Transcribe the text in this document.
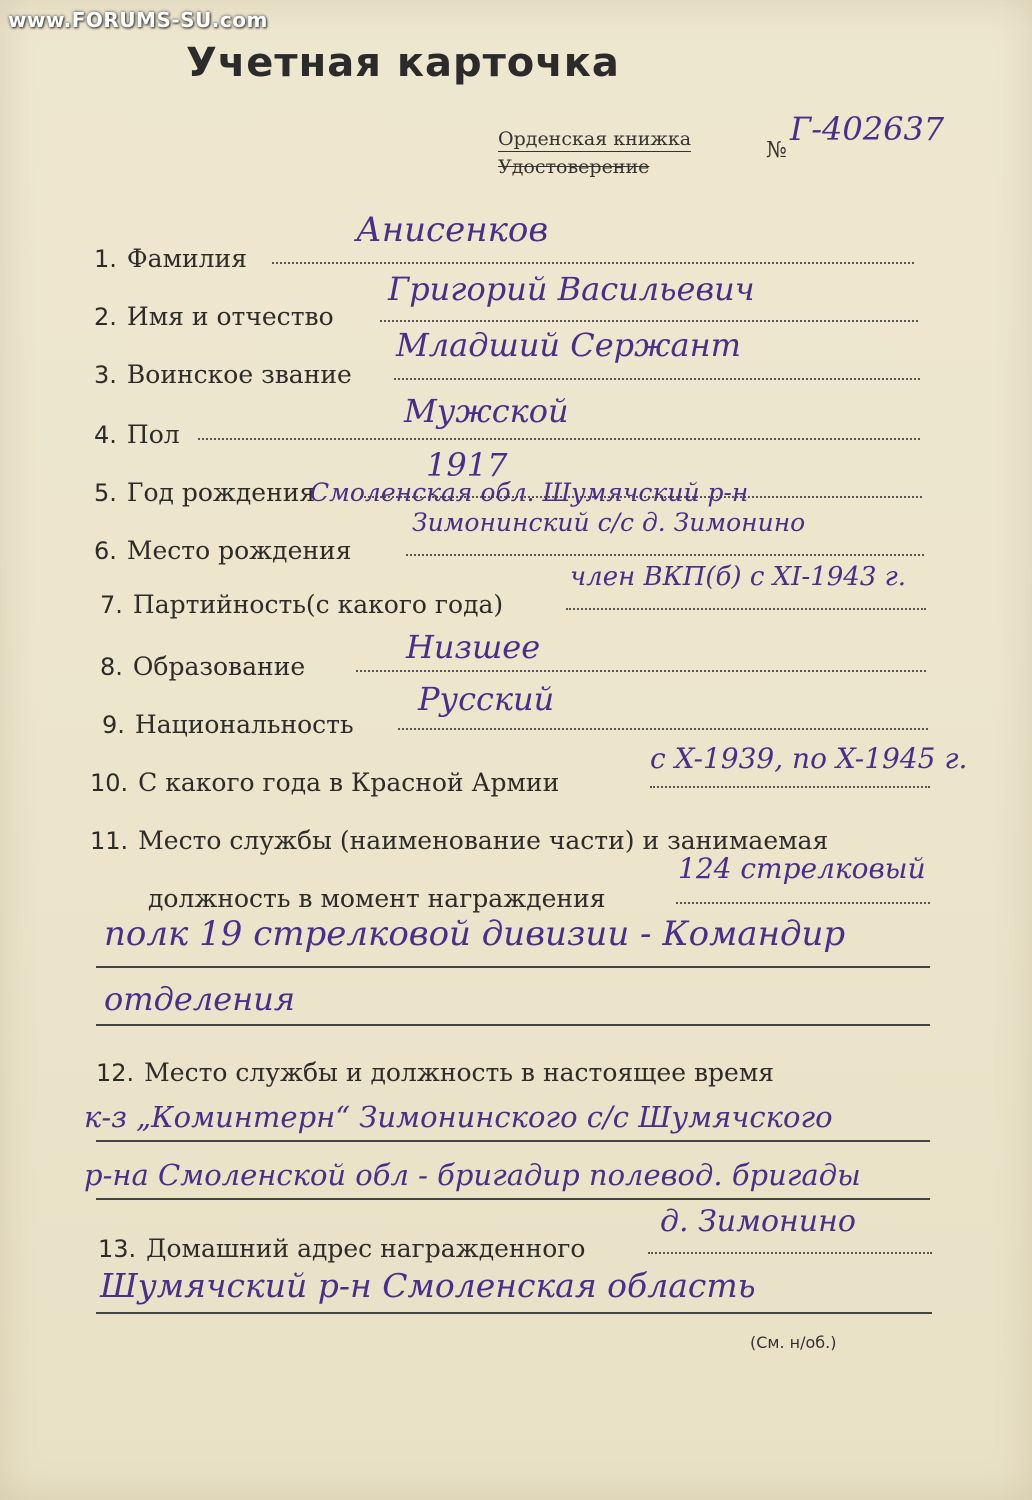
www.FORUMS-SU.com
Учетная карточка
Орденская книжка
Удостоверение
№
Г-402637
1. Фамилия
Анисенков
2. Имя и отчество
Григорий Васильевич
3. Воинское звание
Младший Сержант
4. Пол
Мужской
5. Год рождения
1917
Смоленская обл. Шумячский р-н
6. Место рождения
Зимонинский с/с д. Зимонино
7. Партийность(с какого года)
член ВКП(б) с XI-1943 г.
8. Образование
Низшее
9. Национальность
Русский
10. С какого года в Красной Армии
с X-1939, по X-1945 г.
11. Место службы (наименование части) и занимаемая
должность в момент награждения
124 стрелковый
полк 19 стрелковой дивизии - Командир
отделения
12. Место службы и должность в настоящее время
к-з „Коминтерн“ Зимонинского с/с Шумячского
р-на Смоленской обл - бригадир полевод. бригады
13. Домашний адрес награжденного
д. Зимонино
Шумячский р-н Смоленская область
(См. н/об.)
